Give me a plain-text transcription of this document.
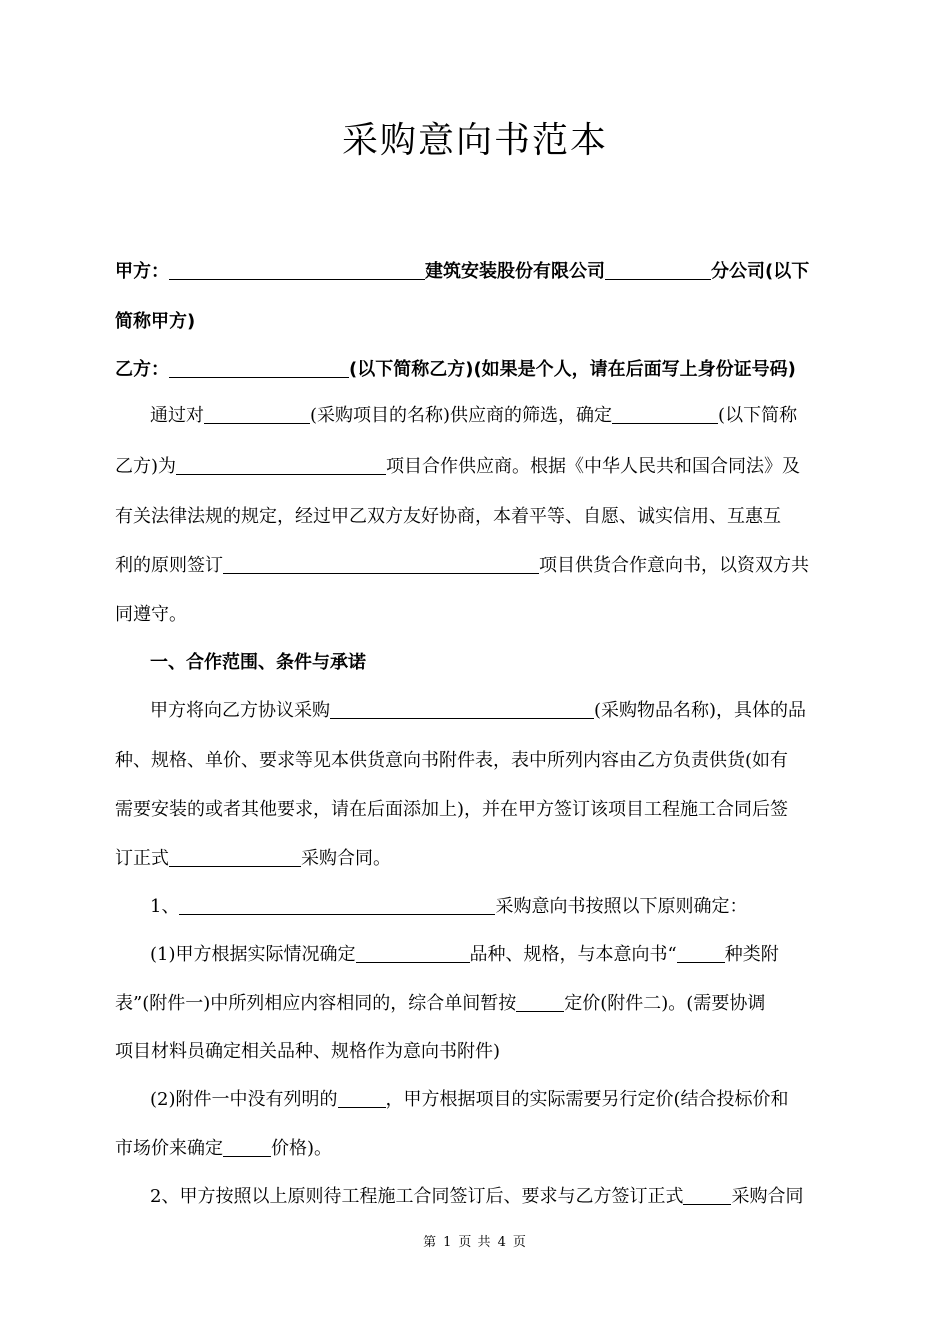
采购意向书范本
甲方：	建筑安装股份有限公司	分公司(以下
简称甲方)
乙方：	(以下简称乙方)(如果是个人，请在后面写上身份证号码)
通过对	(采购项目的名称)供应商的筛选，确定	(以下简称
乙方)为	项目合作供应商。根据《中华人民共和国合同法》及
有关法律法规的规定，经过甲乙双方友好协商，本着平等、自愿、诚实信用、互惠互
利的原则签订	项目供货合作意向书，以资双方共
同遵守。
一、合作范围、条件与承诺
甲方将向乙方协议采购	(采购物品名称)，具体的品
种、规格、单价、要求等见本供货意向书附件表，表中所列内容由乙方负责供货(如有
需要安装的或者其他要求，请在后面添加上)，并在甲方签订该项目工程施工合同后签
订正式	采购合同。
1、	采购意向书按照以下原则确定：
(1)甲方根据实际情况确定	品种、规格，与本意向书“	种类附
表”(附件一)中所列相应内容相同的，综合单间暂按	定价(附件二)。(需要协调
项目材料员确定相关品种、规格作为意向书附件)
(2)附件一中没有列明的	，甲方根据项目的实际需要另行定价(结合投标价和
市场价来确定	价格)。
2、甲方按照以上原则待工程施工合同签订后、要求与乙方签订正式	采购合同
第 1 页 共 4 页
